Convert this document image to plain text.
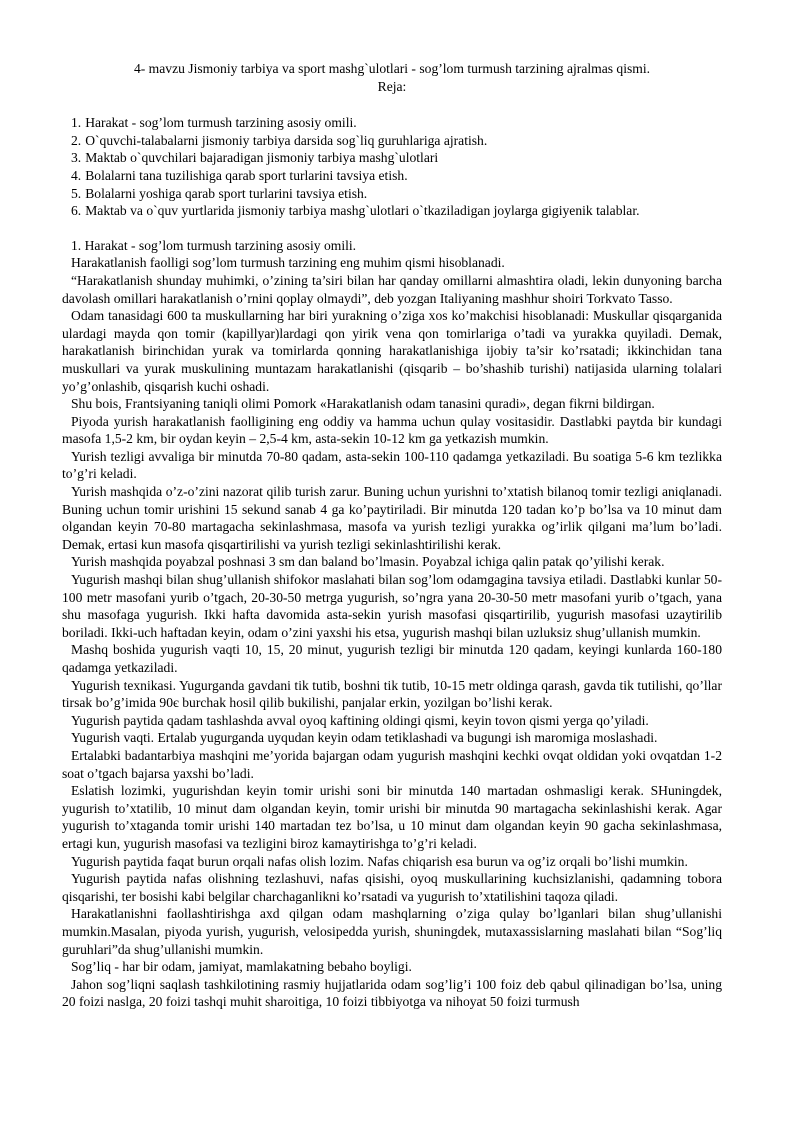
4- mavzu Jismoniy tarbiya va sport mashg`ulotlari - sog’lom turmush tarzining ajralmas qismi.
Reja:
1. Harakat - sog’lom turmush tarzining asosiy omili.
2. O`quvchi-talabalarni jismoniy tarbiya darsida sog`liq guruhlariga ajratish.
3. Maktab o`quvchilari bajaradigan jismoniy tarbiya mashg`ulotlari
4. Bolalarni tana tuzilishiga qarab sport turlarini tavsiya etish.
5. Bolalarni yoshiga qarab sport turlarini tavsiya etish.
6. Maktab va o`quv yurtlarida jismoniy tarbiya mashg`ulotlari o`tkaziladigan joylarga gigiyenik talablar.

1. Harakat - sog’lom turmush tarzining asosiy omili.

Harakatlanish faolligi sog’lom turmush tarzining eng muhim qismi hisoblanadi.

“Harakatlanish shunday muhimki, o’zining ta’siri bilan har qanday omillarni almashtira oladi, lekin dunyoning barcha davolash omillari harakatlanish o’rnini qoplay olmaydi”, deb yozgan Italiyaning mashhur shoiri Torkvato Tasso.

Odam tanasidagi 600 ta muskullarning har biri yurakning o’ziga xos ko’makchisi hisoblanadi: Muskullar qisqarganida ulardagi mayda qon tomir (kapillyar)lardagi qon yirik vena qon tomirlariga o’tadi va yurakka quyiladi. Demak, harakatlanish birinchidan yurak va tomirlarda qonning harakatlanishiga ijobiy ta’sir ko’rsatadi; ikkinchidan tana muskullari va yurak muskulining muntazam harakatlanishi (qisqarib – bo’shashib turishi) natijasida ularning tolalari yo’g’onlashib, qisqarish kuchi oshadi.

Shu bois, Frantsiyaning taniqli olimi Pomork «Harakatlanish odam tanasini quradi», degan fikrni bildirgan.

Piyoda yurish harakatlanish faolligining eng oddiy va hamma uchun qulay vositasidir. Dastlabki paytda bir kundagi masofa 1,5-2 km, bir oydan keyin – 2,5-4 km, asta-sekin 10-12 km ga yetkazish mumkin.

Yurish tezligi avvaliga bir minutda 70-80 qadam, asta-sekin 100-110 qadamga yetkaziladi. Bu soatiga 5-6 km tezlikka to’g’ri keladi.

Yurish mashqida o’z-o’zini nazorat qilib turish zarur. Buning uchun yurishni to’xtatish bilanoq tomir tezligi aniqlanadi. Buning uchun tomir urishini 15 sekund sanab 4 ga ko’paytiriladi. Bir minutda 120 tadan ko’p bo’lsa va 10 minut dam olgandan keyin 70-80 martagacha sekinlashmasa, masofa va yurish tezligi yurakka og’irlik qilgani ma’lum bo’ladi. Demak, ertasi kun masofa qisqartirilishi va yurish tezligi sekinlashtirilishi kerak.

Yurish mashqida poyabzal poshnasi 3 sm dan baland bo’lmasin. Poyabzal ichiga qalin patak qo’yilishi kerak.

Yugurish mashqi bilan shug’ullanish shifokor maslahati bilan sog’lom odamgagina tavsiya etiladi. Dastlabki kunlar 50-100 metr masofani yurib o’tgach, 20-30-50 metrga yugurish, so’ngra yana 20-30-50 metr masofani yurib o’tgach, yana shu masofaga yugurish. Ikki hafta davomida asta-sekin yurish masofasi qisqartirilib, yugurish masofasi uzaytirilib boriladi. Ikki-uch haftadan keyin, odam o’zini yaxshi his etsa, yugurish mashqi bilan uzluksiz shug’ullanish mumkin.

Mashq boshida yugurish vaqti 10, 15, 20 minut, yugurish tezligi bir minutda 120 qadam, keyingi kunlarda 160-180 qadamga yetkaziladi.

Yugurish texnikasi. Yugurganda gavdani tik tutib, boshni tik tutib, 10-15 metr oldinga qarash, gavda tik tutilishi, qo’llar tirsak bo’g’imida 90є burchak hosil qilib bukilishi, panjalar erkin, yozilgan bo’lishi kerak.

Yugurish paytida qadam tashlashda avval oyoq kaftining oldingi qismi, keyin tovon qismi yerga qo’yiladi.

Yugurish vaqti. Ertalab yugurganda uyqudan keyin odam tetiklashadi va bugungi ish maromiga moslashadi.

Ertalabki badantarbiya mashqini me’yorida bajargan odam yugurish mashqini kechki ovqat oldidan yoki ovqatdan 1-2 soat o’tgach bajarsa yaxshi bo’ladi.

Eslatish lozimki, yugurishdan keyin tomir urishi soni bir minutda 140 martadan oshmasligi kerak. SHuningdek, yugurish to’xtatilib, 10 minut dam olgandan keyin, tomir urishi bir minutda 90 martagacha sekinlashishi kerak. Agar yugurish to’xtaganda tomir urishi 140 martadan tez bo’lsa, u 10 minut dam olgandan keyin 90 gacha sekinlashmasa, ertagi kun, yugurish masofasi va tezligini biroz kamaytirishga to’g’ri keladi.

Yugurish paytida faqat burun orqali nafas olish lozim. Nafas chiqarish esa burun va og’iz orqali bo’lishi mumkin.

Yugurish paytida nafas olishning tezlashuvi, nafas qisishi, oyoq muskullarining kuchsizlanishi, qadamning tobora qisqarishi, ter bosishi kabi belgilar charchaganlikni ko’rsatadi va yugurish to’xtatilishini taqoza qiladi.

Harakatlanishni faollashtirishga axd qilgan odam mashqlarning o’ziga qulay bo’lganlari bilan shug’ullanishi mumkin.Masalan, piyoda yurish, yugurish, velosipedda yurish, shuningdek, mutaxassislarning maslahati bilan “Sog’liq guruhlari”da shug’ullanishi mumkin.

Sog’liq - har bir odam, jamiyat, mamlakatning bebaho boyligi.

Jahon sog’liqni saqlash tashkilotining rasmiy hujjatlarida odam sog’lig’i 100 foiz deb qabul qilinadigan bo’lsa, uning 20 foizi naslga, 20 foizi tashqi muhit sharoitiga, 10 foizi tibbiyotga va nihoyat 50 foizi turmush
